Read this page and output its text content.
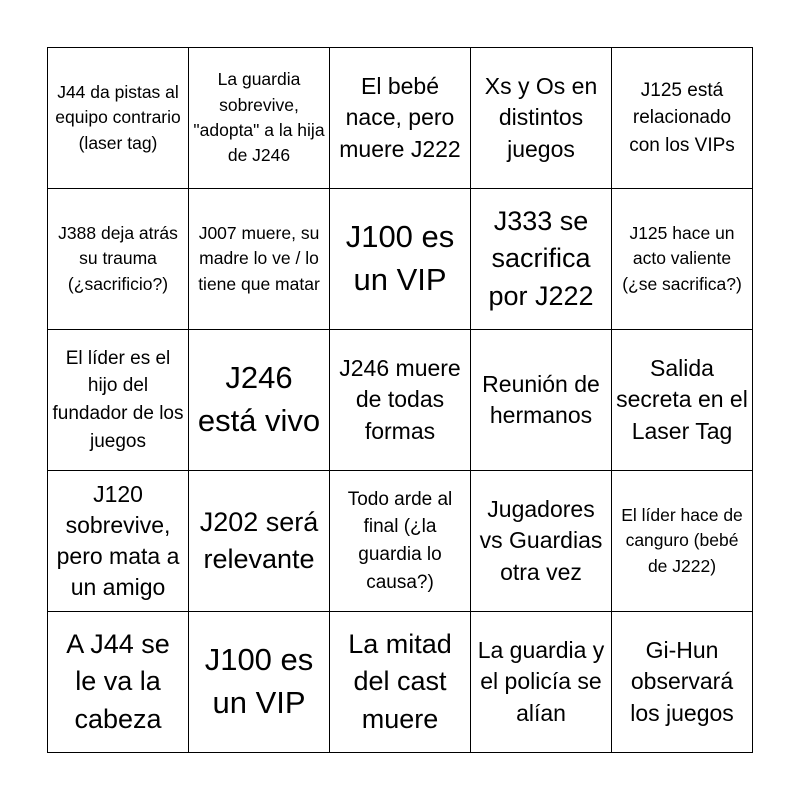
J44 da pistas al equipo contrario (laser tag)
La guardia sobrevive, "adopta" a la hija de J246
El bebé nace, pero muere J222
Xs y Os en distintos juegos
J125 está relacionado con los VIPs
J388 deja atrás su trauma (¿sacrificio?)
J007 muere, su madre lo ve / lo tiene que matar
J100 es un VIP
J333 se sacrifica por J222
J125 hace un acto valiente (¿se sacrifica?)
El líder es el hijo del fundador de los juegos
J246 está vivo
J246 muere de todas formas
Reunión de hermanos
Salida secreta en el Laser Tag
J120 sobrevive, pero mata a un amigo
J202 será relevante
Todo arde al final (¿la guardia lo causa?)
Jugadores vs Guardias otra vez
El líder hace de canguro (bebé de J222)
A J44 se le va la cabeza
J100 es un VIP
La mitad del cast muere
La guardia y el policía se alían
Gi-Hun observará los juegos
